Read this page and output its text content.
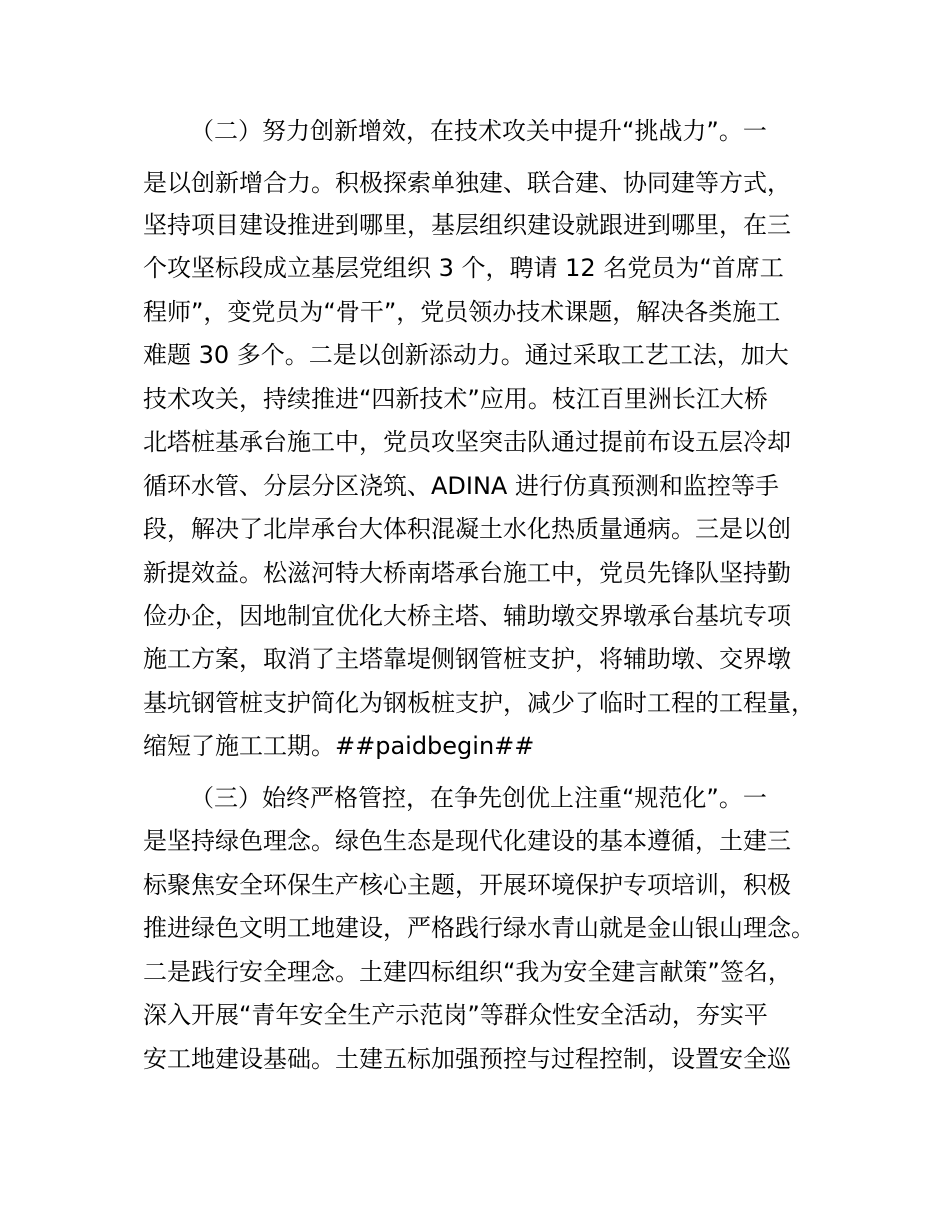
（二）努力创新增效，在技术攻关中提升“挑战力”。一
是以创新增合力。积极探索单独建、联合建、协同建等方式，
坚持项目建设推进到哪里，基层组织建设就跟进到哪里，在三
个攻坚标段成立基层党组织 3 个，聘请 12 名党员为“首席工
程师”，变党员为“骨干”，党员领办技术课题，解决各类施工
难题 30 多个。二是以创新添动力。通过采取工艺工法，加大
技术攻关，持续推进“四新技术”应用。枝江百里洲长江大桥
北塔桩基承台施工中，党员攻坚突击队通过提前布设五层冷却
循环水管、分层分区浇筑、ADINA 进行仿真预测和监控等手
段，解决了北岸承台大体积混凝土水化热质量通病。三是以创
新提效益。松滋河特大桥南塔承台施工中，党员先锋队坚持勤
俭办企，因地制宜优化大桥主塔、辅助墩交界墩承台基坑专项
施工方案，取消了主塔靠堤侧钢管桩支护，将辅助墩、交界墩
基坑钢管桩支护简化为钢板桩支护，减少了临时工程的工程量，
缩短了施工工期。##paidbegin##
（三）始终严格管控，在争先创优上注重“规范化”。一
是坚持绿色理念。绿色生态是现代化建设的基本遵循，土建三
标聚焦安全环保生产核心主题，开展环境保护专项培训，积极
推进绿色文明工地建设，严格践行绿水青山就是金山银山理念。
二是践行安全理念。土建四标组织“我为安全建言献策”签名，
深入开展“青年安全生产示范岗”等群众性安全活动，夯实平
安工地建设基础。土建五标加强预控与过程控制，设置安全巡
